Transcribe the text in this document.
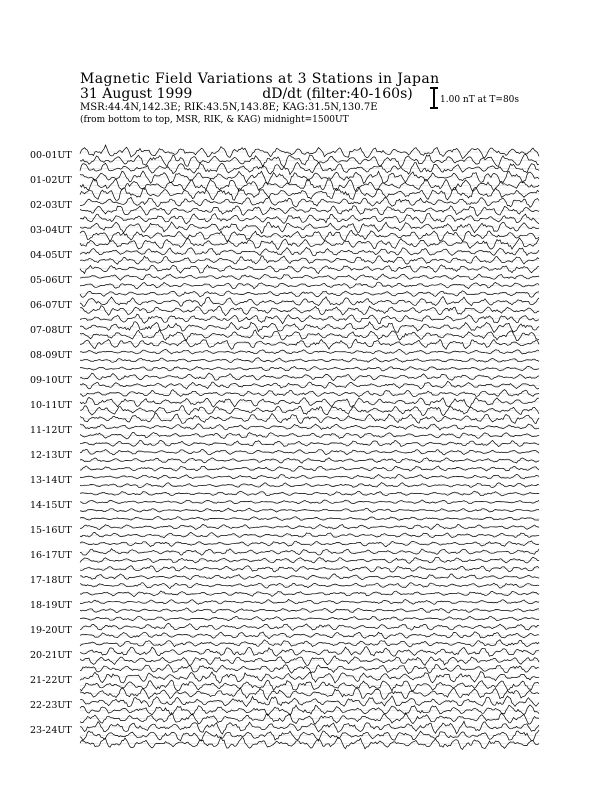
Magnetic Field Variations at 3 Stations in Japan
31 August 1999	dD/dt (filter:40-160s)
MSR:44.4N,142.3E; RIK:43.5N,143.8E; KAG:31.5N,130.7E
(from bottom to top, MSR, RIK, & KAG) midnight=1500UT
1.00 nT at T=80s
00-01UT
01-02UT
02-03UT
03-04UT
04-05UT
05-06UT
06-07UT
07-08UT
08-09UT
09-10UT
10-11UT
11-12UT
12-13UT
13-14UT
14-15UT
15-16UT
16-17UT
17-18UT
18-19UT
19-20UT
20-21UT
21-22UT
22-23UT
23-24UT
